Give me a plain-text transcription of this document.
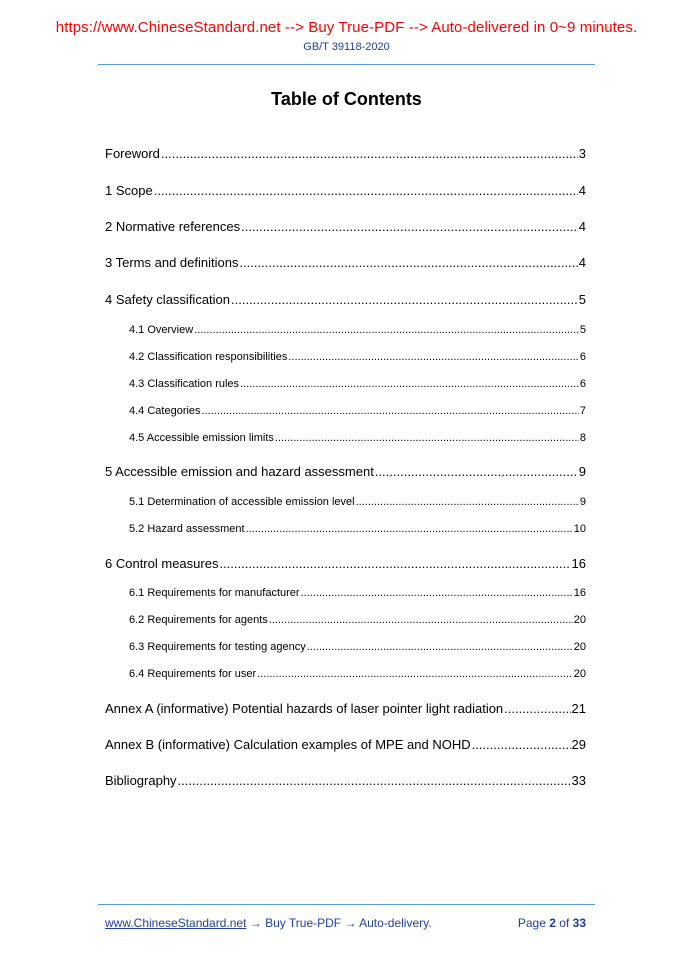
https://www.ChineseStandard.net --> Buy True-PDF --> Auto-delivered in 0~9 minutes.
GB/T 39118-2020
Table of Contents
Foreword .....	3
1 Scope .....	4
2 Normative references .....	4
3 Terms and definitions .....	4
4 Safety classification .....	5
4.1 Overview .....	5
4.2 Classification responsibilities .....	6
4.3 Classification rules .....	6
4.4 Categories .....	7
4.5 Accessible emission limits .....	8
5 Accessible emission and hazard assessment .....	9
5.1 Determination of accessible emission level .....	9
5.2 Hazard assessment .....	10
6 Control measures .....	16
6.1 Requirements for manufacturer .....	16
6.2 Requirements for agents .....	20
6.3 Requirements for testing agency .....	20
6.4 Requirements for user .....	20
Annex A (informative) Potential hazards of laser pointer light radiation .....	21
Annex B (informative) Calculation examples of MPE and NOHD .....	29
Bibliography .....	33
www.ChineseStandard.net → Buy True-PDF → Auto-delivery.	Page 2 of 33
